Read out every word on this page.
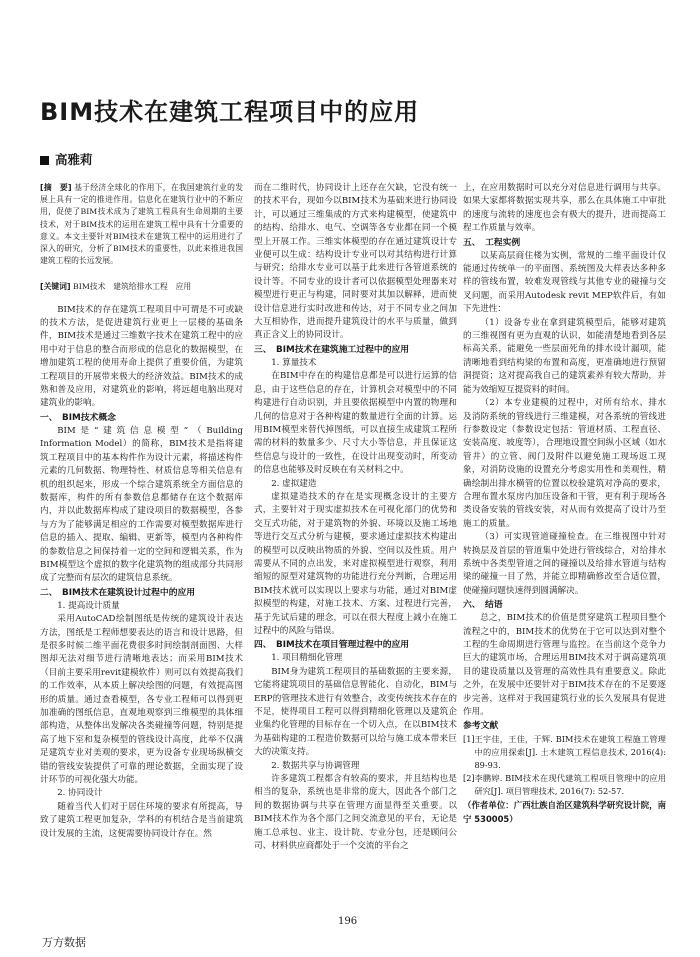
BIM技术在建筑工程项目中的应用
高雅莉

[摘　要] 基于经济全球化的作用下，在我国建筑行业的发展上具有一定的推进作用。信息化在建筑行业中的不断应用，促使了BIM技术成为了建筑工程具有生命周期的主要技术，对于BIM技术的运用在建筑工程中具有十分重要的意义。本文主要针对BIM技术在建筑工程中的运用进行了深入的研究，分析了BIM技术的重要性，以此来推进我国建筑工程的长远发展。

[关键词] BIM技术　建筑给排水工程　应用

BIM技术的存在建筑工程项目中可谓是不可或缺的技术方法，是促进建筑行业更上一层楼的基础条件，BIM技术是通过三维数字技术在建筑工程中的应用中对于信息的整合而形成的信息化的数据模型，在增加建筑工程的使用寿命上提供了重要价值，为建筑工程项目的开展带来极大的经济效益。BIM技术的成熟和普及应用，对建筑业的影响，将远超电脑出现对建筑业的影响。

一、　BIM技术概念

BIM是“建筑信息模型”（Building Information Model）的简称，BIM技术是指将建筑工程项目中的基本构件作为设计元素，将描述构件元素的几何数据、物理特性、材质信息等相关信息有机的组织起来，形成一个综合建筑系统全方面信息的数据库，构件的所有参数信息都储存在这个数据库内，并以此数据库构成了建设项目的数据模型，各参与方为了能够满足相应的工作需要对模型数据库进行信息的插入、提取、编辑、更新等，模型内各种构件的参数信息之间保持着一定的空间和逻辑关系，作为BIM模型这个虚拟的数字化建筑物的组成部分共同形成了完整而有层次的建筑信息系统。

二、　BIM技术在建筑设计过程中的应用
1. 提高设计质量

采用AutoCAD绘制图纸是传统的建筑设计表达方法，图纸是工程师想要表达的语言和设计思路，但是很多时候二维平面花费很多时间绘制剖面图、大样图却无法对细节进行清晰地表达；而采用BIM技术（目前主要采用revit建模软件）则可以有效提高我们的工作效率，从本质上解决绘图的问题，有效提高图形的质量。通过查看模型，各专业工程师可以得到更加准确的图纸信息，直观地观察到三维模型的具体细部构造，从整体出发解决各类碰撞等问题，特别是提高了地下室和复杂模型的管线设计高度，此举不仅满足建筑专业对美观的要求，更为设备专业现场纵横交错的管线安装提供了可靠的理论数据，全面实现了设计环节的可视化强大功能。

2. 协同设计

随着当代人们对于居住环境的要求有所提高，导致了建筑工程更加复杂，学科的有机结合是当前建筑设计发展的主流，这便需要协同设计存在。然

而在二维时代，协同设计上还存在欠缺，它没有统一的技术平台，现如今以BIM技术为基础来进行协同设计，可以通过三维集成的方式来构建模型，使建筑中的结构、给排水、电气、空调等各专业都在同一个模型上开展工作。三维实体模型的存在通过建筑设计专业便可以生成：结构设计专业可以对其结构进行计算与研究；给排水专业可以基于此来进行各管道系统的设计等。不同专业的设计者可以依据模型处理器来对模型进行更正与构建，同时要对其加以解释，进而使设计信息进行实时改进和传达，对于不同专业之间加大互相协作，进而提升建筑设计的水平与质量，做到真正含义上的协同设计。

三、　BIM技术在建筑施工过程中的应用
1. 算量技术

在BIM中存在的构建信息都是可以进行运算的信息，由于这些信息的存在，计算机会对模型中的不同构建进行自动识别，并且要依据模型中内置的物理和几何的信息对于各种构建的数量进行全面的计算。运用BIM模型来替代掉图纸，可以直接生成建筑工程所需的材料的数量多少、尺寸大小等信息，并且保证这些信息与设计的一致性，在设计出现变动时，所变动的信息也能够及时反映在有关材料之中。

2. 虚拟建造

虚拟建造技术的存在是实现概念设计的主要方式，主要针对于现实虚拟技术在可视化部门的优势和交互式功能，对于建筑物的外貌、环境以及施工场地等进行交互式分析与建模，要求通过虚拟技术构建出的模型可以反映出物质的外貌、空间以及性质。用户需要从不同的点出发，来对虚拟模型进行观察，利用缩短的原型对建筑物的功能进行充分判断，合理运用BIM技术就可以实现以上要求与功能，通过对BIM虚拟模型的构建，对施工技术、方案、过程进行完善，基于先试后建的理念，可以在很大程度上减小在施工过程中的风险与错误。

四、　BIM技术在项目管理过程中的应用
1. 项目精细化管理

BIM身为建筑工程项目的基础数据的主要来源，它能将建筑项目的基础信息智能化、自动化，BIM与ERP的管理技术进行有效整合，改变传统技术存在的不足，使得项目工程可以得到精细化管理以及建筑企业集约化管理的目标存在一个切入点，在以BIM技术为基础构建的工程造价数据可以给与施工成本带来巨大的决策支持。

2. 数据共享与协调管理

许多建筑工程都含有较高的要求，并且结构也是相当的复杂，系统也是非常的庞大，因此各个部门之间的数据协调与共享在管理方面显得至关重要。以BIM技术作为各个部门之间交流意见的平台，无论是施工总承包、业主、设计院、专业分包，还是顾问公司、材料供应商都处于一个交流的平台之

上，在应用数据时可以充分对信息进行调用与共享。如果大家都将数据实现共享，那么在具体施工中审批的速度与流转的速度也会有极大的提升，进而提高工程工作质量与效率。

五、　工程实例

以某高层商住楼为实例，常规的二维平面设计仅能通过传统单一的平面图、系统图及大样表达多种多样的管线布置，较难发现管线与其他专业的碰撞与交叉问题，而采用Autodesk revit MEP软件后，有如下先进性：

（1）设备专业在拿到建筑模型后，能够对建筑的三维视图有更为直观的认识，如能清楚地看到各层标高关系，能避免一些层面死角的排水设计漏项，能清晰地看到结构梁的布置和高度，更准确地进行预留洞提资；这对提高我自己的建筑素养有较大帮助，并能为效缩短互提资料的时间。

（2）本专业建模的过程中，对所有给水、排水及消防系统的管线进行三维建模，对各系统的管线进行参数设定（参数设定包括：管道材质、工程直径、安装高度、坡度等），合理地设置空间纵小区域（如水管井）的立管、阀门及附件以避免施工现场返工现象，对消防设施的设置充分考虑实用性和美观性，精确绘制出排水横管的位置以校验建筑对净高的要求，合理布置水泵房内加压设备和干管，更有利于现场各类设备安装的管线安装，对从而有效提高了设计乃至施工的质量。

（3）可实现管道碰撞检查。在三维视图中针对转换层及首层的管道集中处进行管线综合，对给排水系统中各类型管道之间的碰撞以及给排水管道与结构梁的碰撞一目了然，并能立即精确修改至合适位置，使碰撞问题快速得到圆满解决。

六、　结语

总之，BIM技术的价值是贯穿建筑工程项目整个流程之中的，BIM技术的优势在于它可以达到对整个工程的生命周期进行管理与监控。在当前这个竞争力巨大的建筑市场，合理运用BIM技术对于调高建筑项目的建设质量以及管理的高效性具有重要意义。除此之外，在发展中还要针对于BIM技术存在的不足要逐步完善，这样对于我国建筑行业的长久发展具有促进作用。

参考文献

[1] 王宇佳，王佳，于辉. BIM技术在建筑工程施工管理中的应用探索[J]. 土木建筑工程信息技术, 2016(4): 89-93.

[2] 李鹏婷. BIM技术在现代建筑工程项目管理中的应用研究[J]. 项目管理技术, 2016(7): 52-57.

（作者单位：广西壮族自治区建筑科学研究设计院，南宁 530005）

196
万方数据
